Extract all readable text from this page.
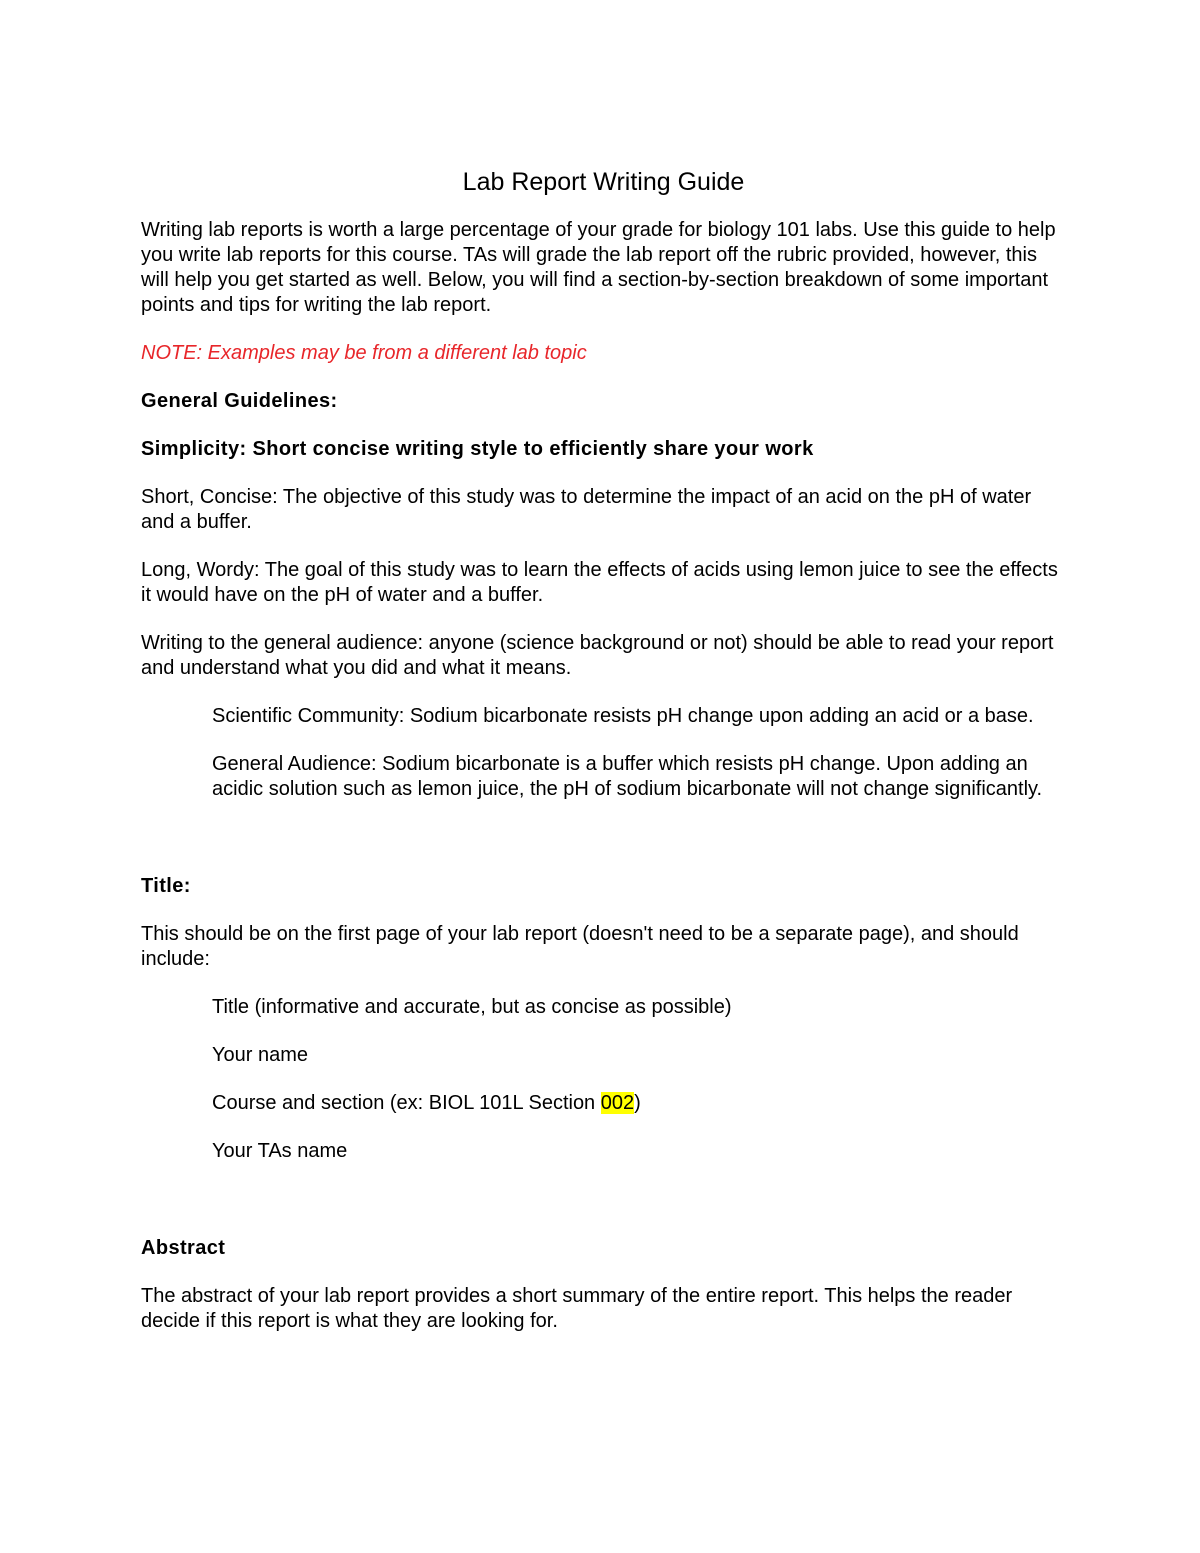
Lab Report Writing Guide

Writing lab reports is worth a large percentage of your grade for biology 101 labs. Use this guide to help you write lab reports for this course. TAs will grade the lab report off the rubric provided, however, this will help you get started as well. Below, you will find a section-by-section breakdown of some important points and tips for writing the lab report.

NOTE: Examples may be from a different lab topic

General Guidelines:

Simplicity: Short concise writing style to efficiently share your work

Short, Concise: The objective of this study was to determine the impact of an acid on the pH of water and a buffer.

Long, Wordy: The goal of this study was to learn the effects of acids using lemon juice to see the effects it would have on the pH of water and a buffer.

Writing to the general audience: anyone (science background or not) should be able to read your report and understand what you did and what it means.

Scientific Community: Sodium bicarbonate resists pH change upon adding an acid or a base.

General Audience: Sodium bicarbonate is a buffer which resists pH change. Upon adding an acidic solution such as lemon juice, the pH of sodium bicarbonate will not change significantly.

Title:

This should be on the first page of your lab report (doesn't need to be a separate page), and should include:

Title (informative and accurate, but as concise as possible)

Your name

Course and section (ex: BIOL 101L Section 002)

Your TAs name

Abstract

The abstract of your lab report provides a short summary of the entire report. This helps the reader decide if this report is what they are looking for.
